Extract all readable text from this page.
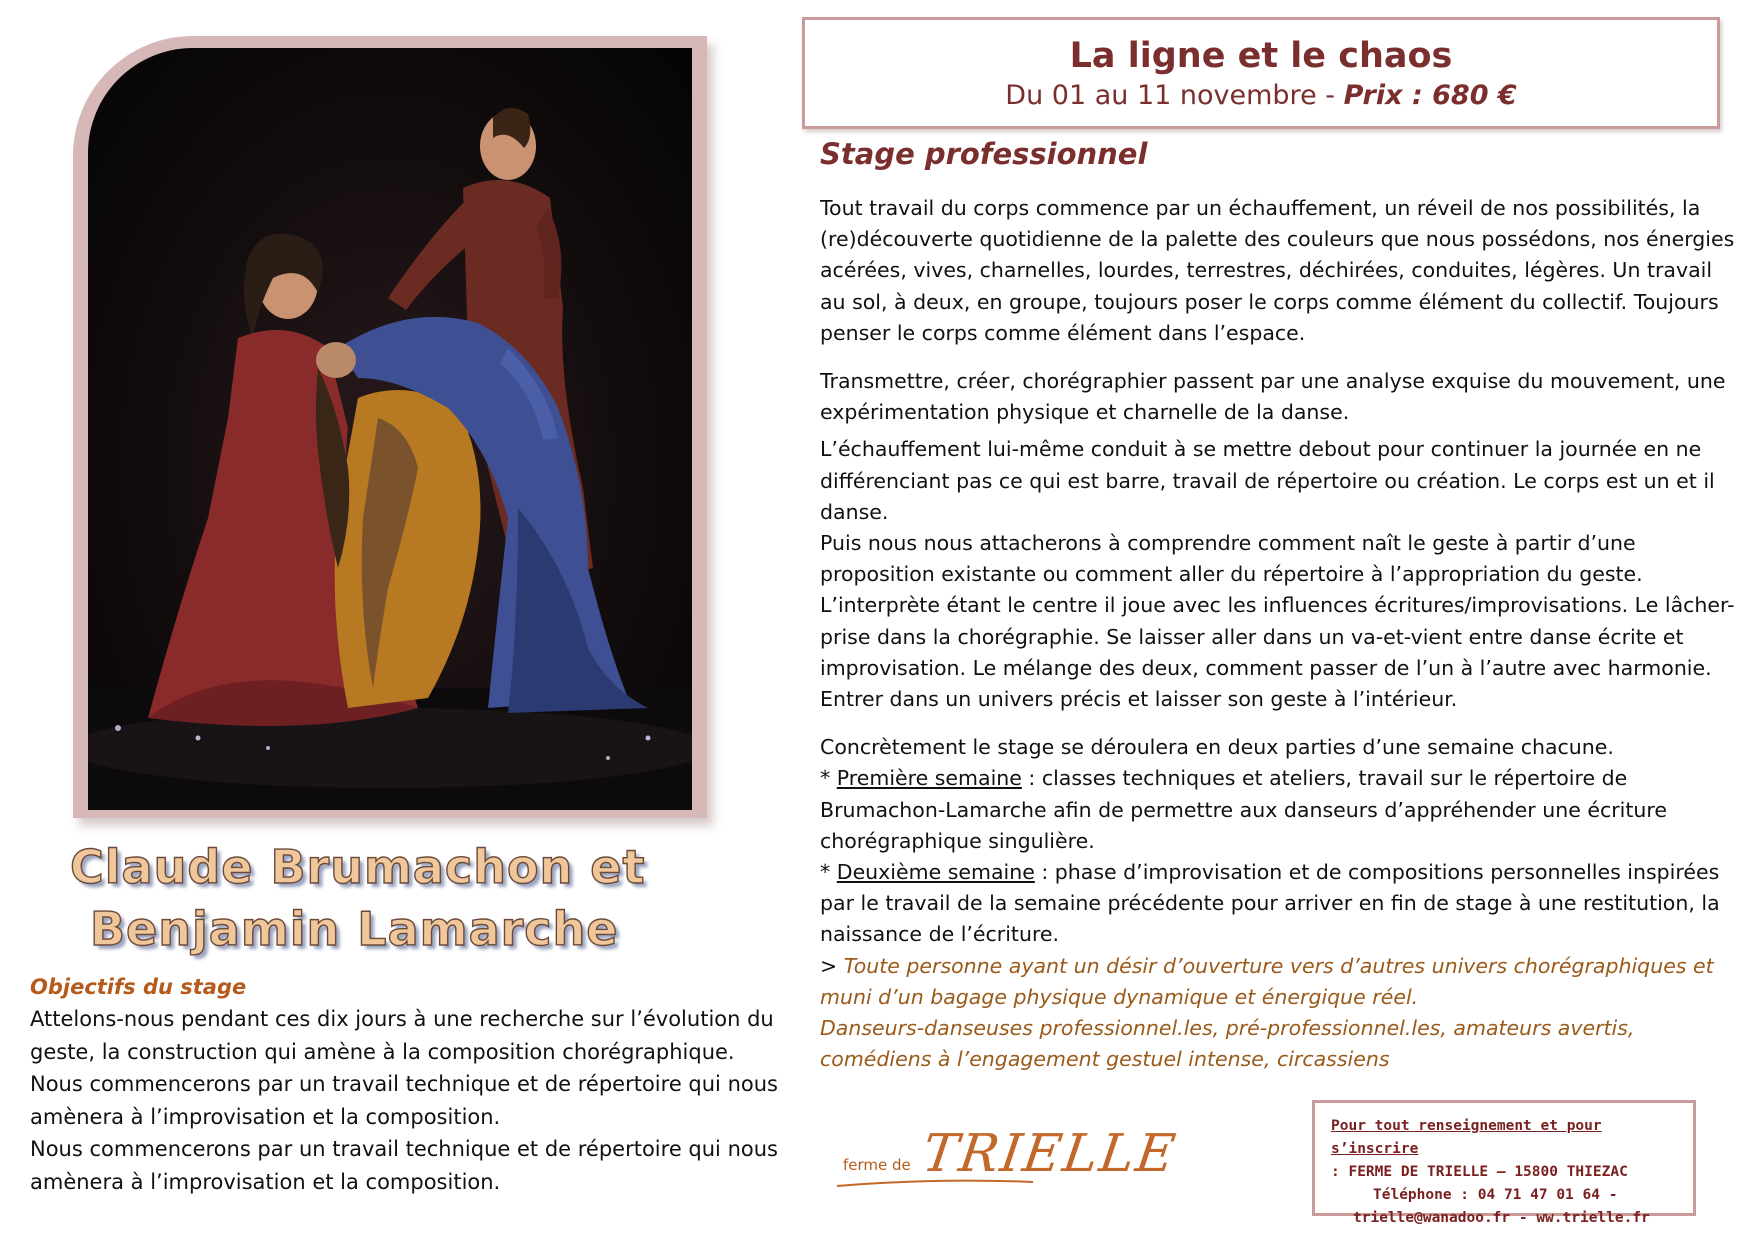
Claude Brumachon et
Benjamin Lamarche
Objectifs du stage

Attelons-nous pendant ces dix jours à une recherche sur l’évolution du geste, la construction qui amène à la composition chorégraphique.

Nous commencerons par un travail technique et de répertoire qui nous amènera à l’improvisation et la composition.

Nous commencerons par un travail technique et de répertoire qui nous amènera à l’improvisation et la composition.

La ligne et le chaos
Du 01 au 11 novembre - Prix : 680 €
Stage professionnel

Tout travail du corps commence par un échauffement, un réveil de nos possibilités, la (re)découverte quotidienne de la palette des couleurs que nous possédons, nos énergies acérées, vives, charnelles, lourdes, terrestres, déchirées, conduites, légères. Un travail au sol, à deux, en groupe, toujours poser le corps comme élément du collectif. Toujours penser le corps comme élément dans l’espace.

Transmettre, créer, chorégraphier passent par une analyse exquise du mouvement, une expérimentation physique et charnelle de la danse.

L’échauffement lui-même conduit à se mettre debout pour continuer la journée en ne différenciant pas ce qui est barre, travail de répertoire ou création. Le corps est un et il danse.

Puis nous nous attacherons à comprendre comment naît le geste à partir d’une proposition existante ou comment aller du répertoire à l’appropriation du geste.

L’interprète étant le centre il joue avec les influences écritures/improvisations. Le lâcher-prise dans la chorégraphie. Se laisser aller dans un va-et-vient entre danse écrite et improvisation. Le mélange des deux, comment passer de l’un à l’autre avec harmonie. Entrer dans un univers précis et laisser son geste à l’intérieur.

Concrètement le stage se déroulera en deux parties d’une semaine chacune.

* Première semaine : classes techniques et ateliers, travail sur le répertoire de Brumachon-Lamarche afin de permettre aux danseurs d’appréhender une écriture chorégraphique singulière.

* Deuxième semaine : phase d’improvisation et de compositions personnelles inspirées par le travail de la semaine précédente pour arriver en fin de stage à une restitution, la naissance de l’écriture.

> Toute personne ayant un désir d’ouverture vers d’autres univers chorégraphiques et muni d’un bagage physique dynamique et énergique réel.

Danseurs-danseuses professionnel.les, pré-professionnel.les, amateurs avertis, comédiens à l’engagement gestuel intense, circassiens

ferme de TRIELLE	Pour tout renseignement et pour s’inscrire
: FERME DE TRIELLE – 15800 THIEZAC
Téléphone : 04 71 47 01 64 -
trielle@wanadoo.fr - ww.trielle.fr
